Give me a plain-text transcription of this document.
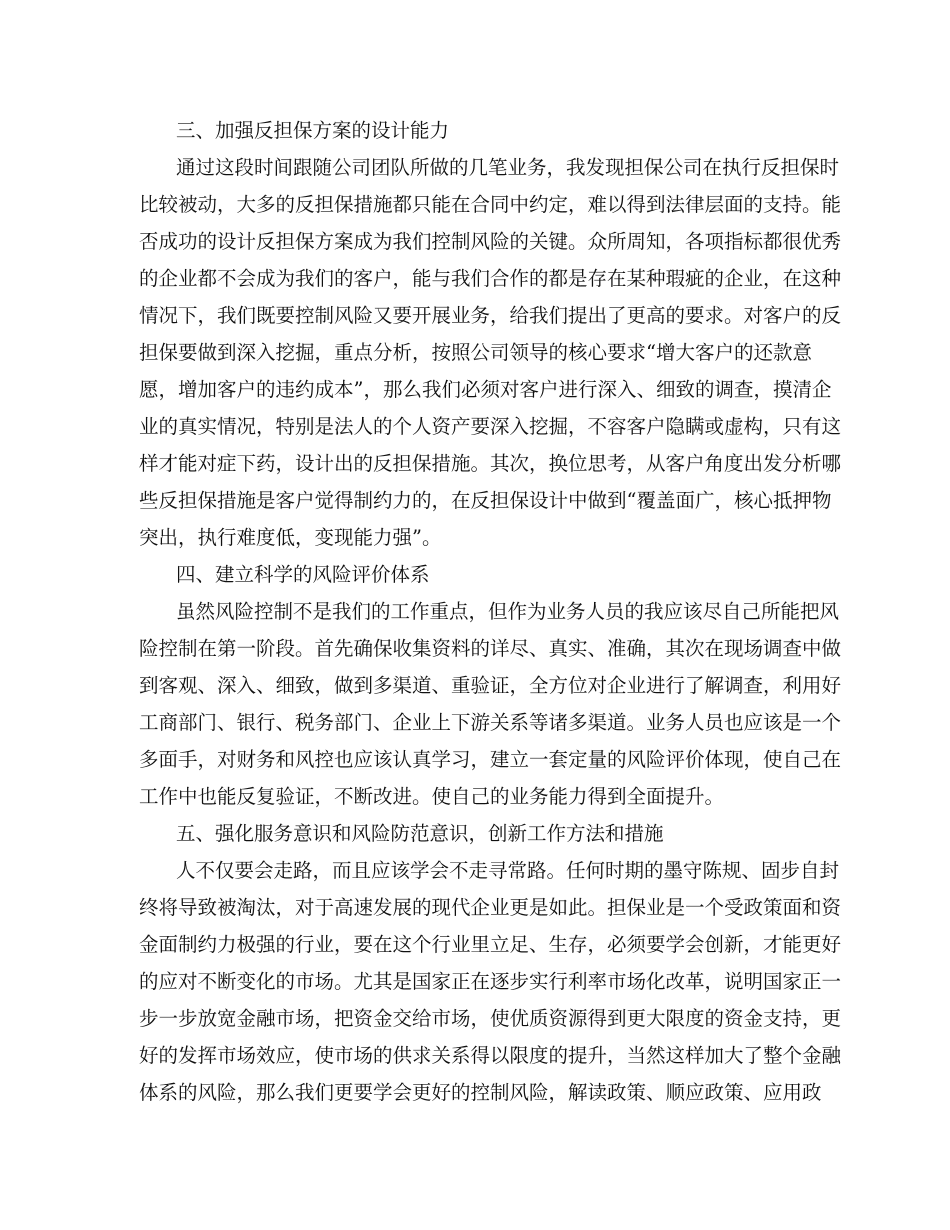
三、加强反担保方案的设计能力

通过这段时间跟随公司团队所做的几笔业务，我发现担保公司在执行反担保时

比较被动，大多的反担保措施都只能在合同中约定，难以得到法律层面的支持。能

否成功的设计反担保方案成为我们控制风险的关键。众所周知，各项指标都很优秀

的企业都不会成为我们的客户，能与我们合作的都是存在某种瑕疵的企业，在这种

情况下，我们既要控制风险又要开展业务，给我们提出了更高的要求。对客户的反

担保要做到深入挖掘，重点分析，按照公司领导的核心要求“增大客户的还款意

愿，增加客户的违约成本”，那么我们必须对客户进行深入、细致的调查，摸清企

业的真实情况，特别是法人的个人资产要深入挖掘，不容客户隐瞒或虚构，只有这

样才能对症下药，设计出的反担保措施。其次，换位思考，从客户角度出发分析哪

些反担保措施是客户觉得制约力的，在反担保设计中做到“覆盖面广，核心抵押物

突出，执行难度低，变现能力强”。

四、建立科学的风险评价体系

虽然风险控制不是我们的工作重点，但作为业务人员的我应该尽自己所能把风

险控制在第一阶段。首先确保收集资料的详尽、真实、准确，其次在现场调查中做

到客观、深入、细致，做到多渠道、重验证，全方位对企业进行了解调查，利用好

工商部门、银行、税务部门、企业上下游关系等诸多渠道。业务人员也应该是一个

多面手，对财务和风控也应该认真学习，建立一套定量的风险评价体现，使自己在

工作中也能反复验证，不断改进。使自己的业务能力得到全面提升。

五、强化服务意识和风险防范意识，创新工作方法和措施

人不仅要会走路，而且应该学会不走寻常路。任何时期的墨守陈规、固步自封

终将导致被淘汰，对于高速发展的现代企业更是如此。担保业是一个受政策面和资

金面制约力极强的行业，要在这个行业里立足、生存，必须要学会创新，才能更好

的应对不断变化的市场。尤其是国家正在逐步实行利率市场化改革，说明国家正一

步一步放宽金融市场，把资金交给市场，使优质资源得到更大限度的资金支持，更

好的发挥市场效应，使市场的供求关系得以限度的提升，当然这样加大了整个金融

体系的风险，那么我们更要学会更好的控制风险，解读政策、顺应政策、应用政
